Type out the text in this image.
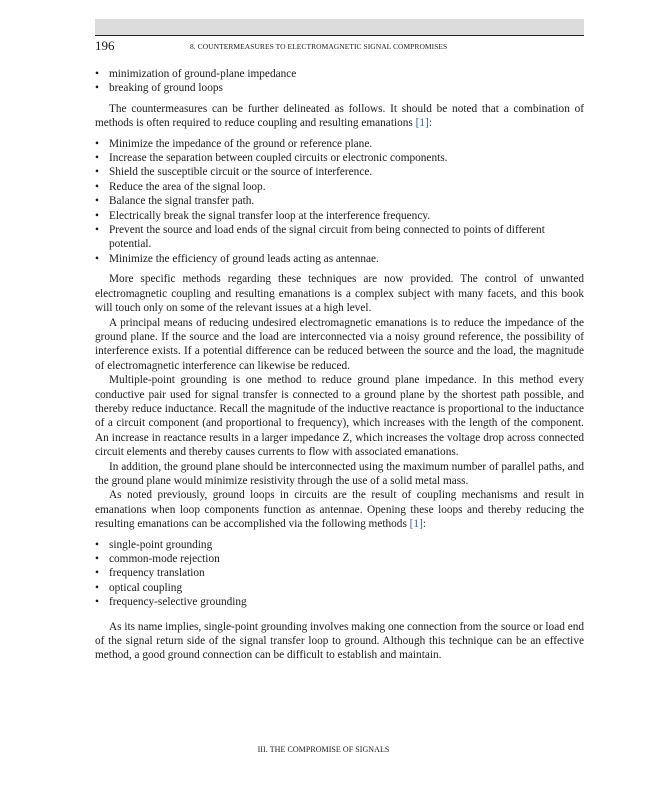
196	8. COUNTERMEASURES TO ELECTROMAGNETIC SIGNAL COMPROMISES
• minimization of ground-plane impedance
• breaking of ground loops

The countermeasures can be further delineated as follows. It should be noted that a combination of methods is often required to reduce coupling and resulting emanations [1]:

• Minimize the impedance of the ground or reference plane.
• Increase the separation between coupled circuits or electronic components.
• Shield the susceptible circuit or the source of interference.
• Reduce the area of the signal loop.
• Balance the signal transfer path.
• Electrically break the signal transfer loop at the interference frequency.
• Prevent the source and load ends of the signal circuit from being connected to points of different potential.
• Minimize the efficiency of ground leads acting as antennae.

More specific methods regarding these techniques are now provided. The control of unwanted electromagnetic coupling and resulting emanations is a complex subject with many facets, and this book will touch only on some of the relevant issues at a high level.

A principal means of reducing undesired electromagnetic emanations is to reduce the impedance of the ground plane. If the source and the load are interconnected via a noisy ground reference, the possibility of interference exists. If a potential difference can be reduced between the source and the load, the magnitude of electromagnetic interference can likewise be reduced.

Multiple-point grounding is one method to reduce ground plane impedance. In this method every conductive pair used for signal transfer is connected to a ground plane by the shortest path possible, and thereby reduce inductance. Recall the magnitude of the inductive reactance is proportional to the inductance of a circuit component (and proportional to frequency), which increases with the length of the component. An increase in reactance results in a larger impedance Z, which increases the voltage drop across connected circuit elements and thereby causes currents to flow with associated emanations.

In addition, the ground plane should be interconnected using the maximum number of parallel paths, and the ground plane would minimize resistivity through the use of a solid metal mass.

As noted previously, ground loops in circuits are the result of coupling mechanisms and result in emanations when loop components function as antennae. Opening these loops and thereby reducing the resulting emanations can be accomplished via the following methods [1]:

• single-point grounding
• common-mode rejection
• frequency translation
• optical coupling
• frequency-selective grounding

As its name implies, single-point grounding involves making one connection from the source or load end of the signal return side of the signal transfer loop to ground. Although this technique can be an effective method, a good ground connection can be difficult to establish and maintain.

III. THE COMPROMISE OF SIGNALS
